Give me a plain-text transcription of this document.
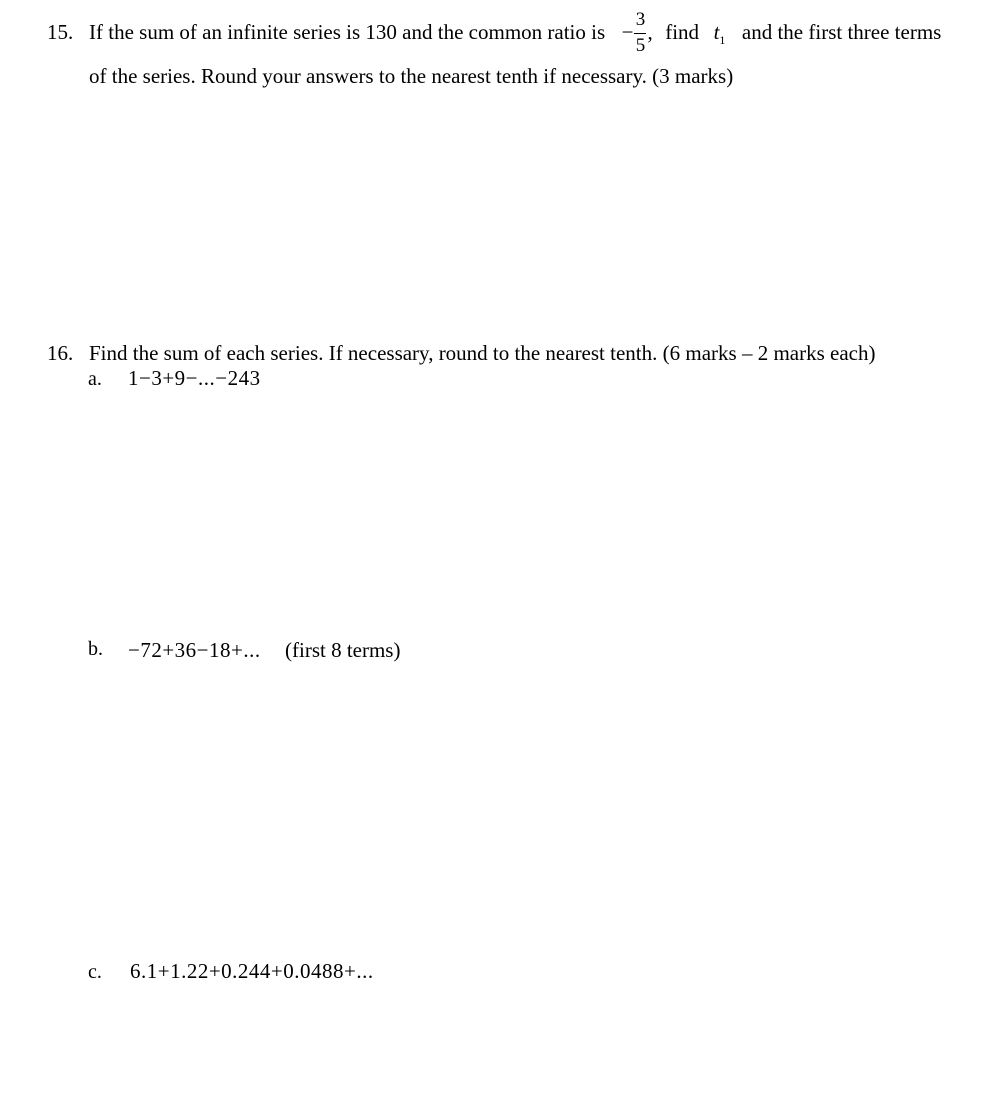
15. If the sum of an infinite series is 130 and the common ratio is − $\frac{3}{5}$ , find $t_1$ and the first three terms
of the series. Round your answers to the nearest tenth if necessary. (3 marks)
16. Find the sum of each series. If necessary, round to the nearest tenth. (6 marks – 2 marks each)
a. 1−3+9−...−243
b. −72+36−18+... (first 8 terms)
c. 6.1+1.22+0.244+0.0488+...
